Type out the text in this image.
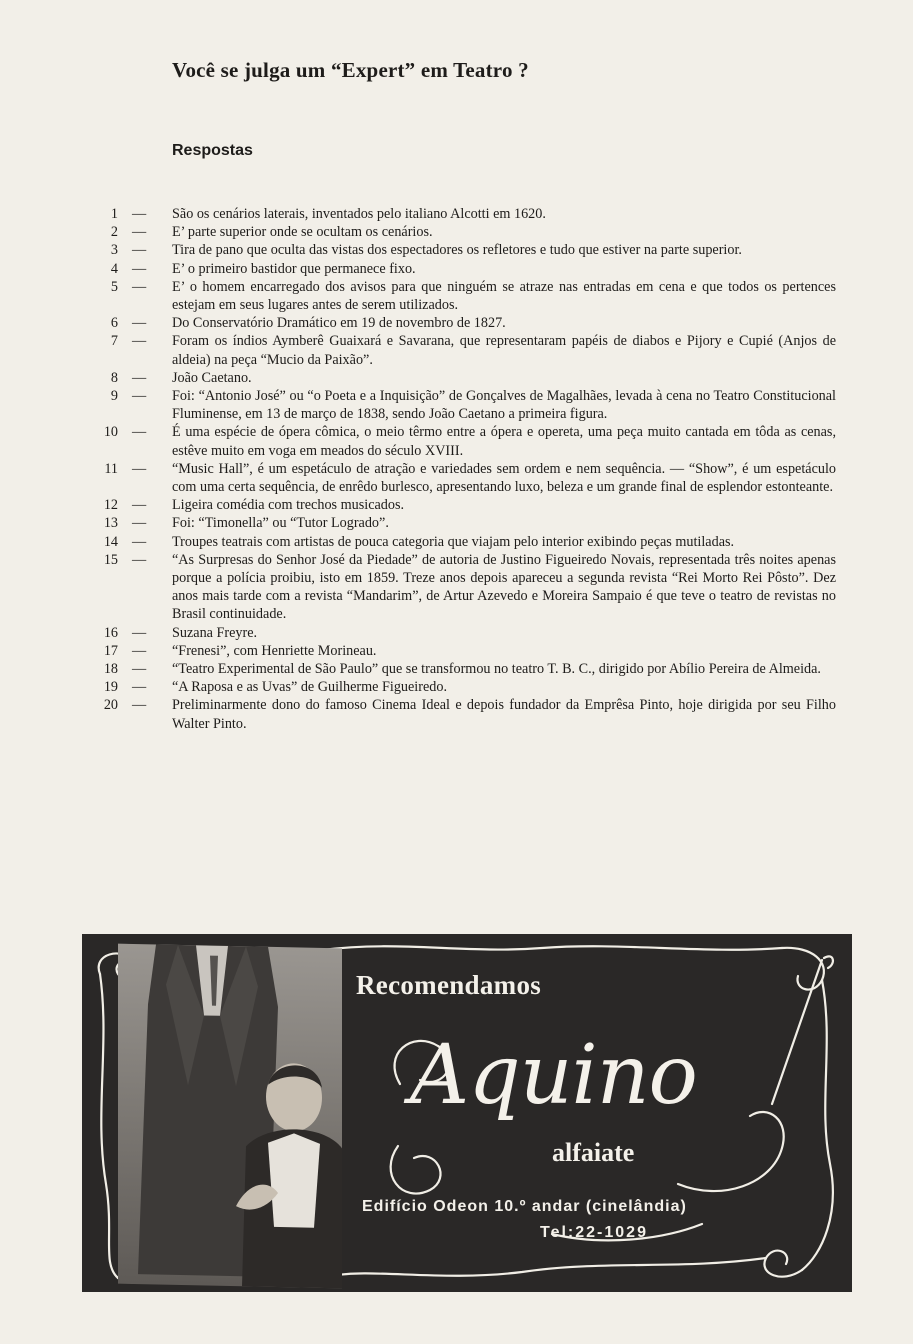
Você se julga um “Expert” em Teatro ?
Respostas
1 — São os cenários laterais, inventados pelo italiano Alcotti em 1620.
2 — E’ parte superior onde se ocultam os cenários.
3 — Tira de pano que oculta das vistas dos espectadores os refletores e tudo que estiver na parte superior.
4 — E’ o primeiro bastidor que permanece fixo.
5 — E’ o homem encarregado dos avisos para que ninguém se atraze nas entradas em cena e que todos os pertences estejam em seus lugares antes de serem utilizados.
6 — Do Conservatório Dramático em 19 de novembro de 1827.
7 — Foram os índios Aymberê Guaixará e Savarana, que representaram papéis de diabos e Pijory e Cupié (Anjos de aldeia) na peça “Mucio da Paixão”.
8 — João Caetano.
9 — Foi: “Antonio José” ou “o Poeta e a Inquisição” de Gonçalves de Magalhães, levada à cena no Teatro Constitucional Fluminense, em 13 de março de 1838, sendo João Caetano a primeira figura.
10 — É uma espécie de ópera cômica, o meio têrmo entre a ópera e opereta, uma peça muito cantada em tôda as cenas, estêve muito em voga em meados do século XVIII.
11 — “Music Hall”, é um espetáculo de atração e variedades sem ordem e nem sequência. — “Show”, é um espetáculo com uma certa sequência, de enrêdo burlesco, apresentando luxo, beleza e um grande final de esplendor estonteante.
12 — Ligeira comédia com trechos musicados.
13 — Foi: “Timonella” ou “Tutor Logrado”.
14 — Troupes teatrais com artistas de pouca categoria que viajam pelo interior exibindo peças mutiladas.
15 — “As Surpresas do Senhor José da Piedade” de autoria de Justino Figueiredo Novais, representada três noites apenas porque a polícia proibiu, isto em 1859. Treze anos depois apareceu a segunda revista “Rei Morto Rei Pôsto”. Dez anos mais tarde com a revista “Mandarim”, de Artur Azevedo e Moreira Sampaio é que teve o teatro de revistas no Brasil continuidade.
16 — Suzana Freyre.
17 — “Frenesi”, com Henriette Morineau.
18 — “Teatro Experimental de São Paulo” que se transformou no teatro T. B. C., dirigido por Abílio Pereira de Almeida.
19 — “A Raposa e as Uvas” de Guilherme Figueiredo.
20 — Preliminarmente dono do famoso Cinema Ideal e depois fundador da Emprêsa Pinto, hoje dirigida por seu Filho Walter Pinto.
Recomendamos
Aquino
alfaiate
Edifício Odeon 10.º andar (cinelândia)
Tel:22-1029
